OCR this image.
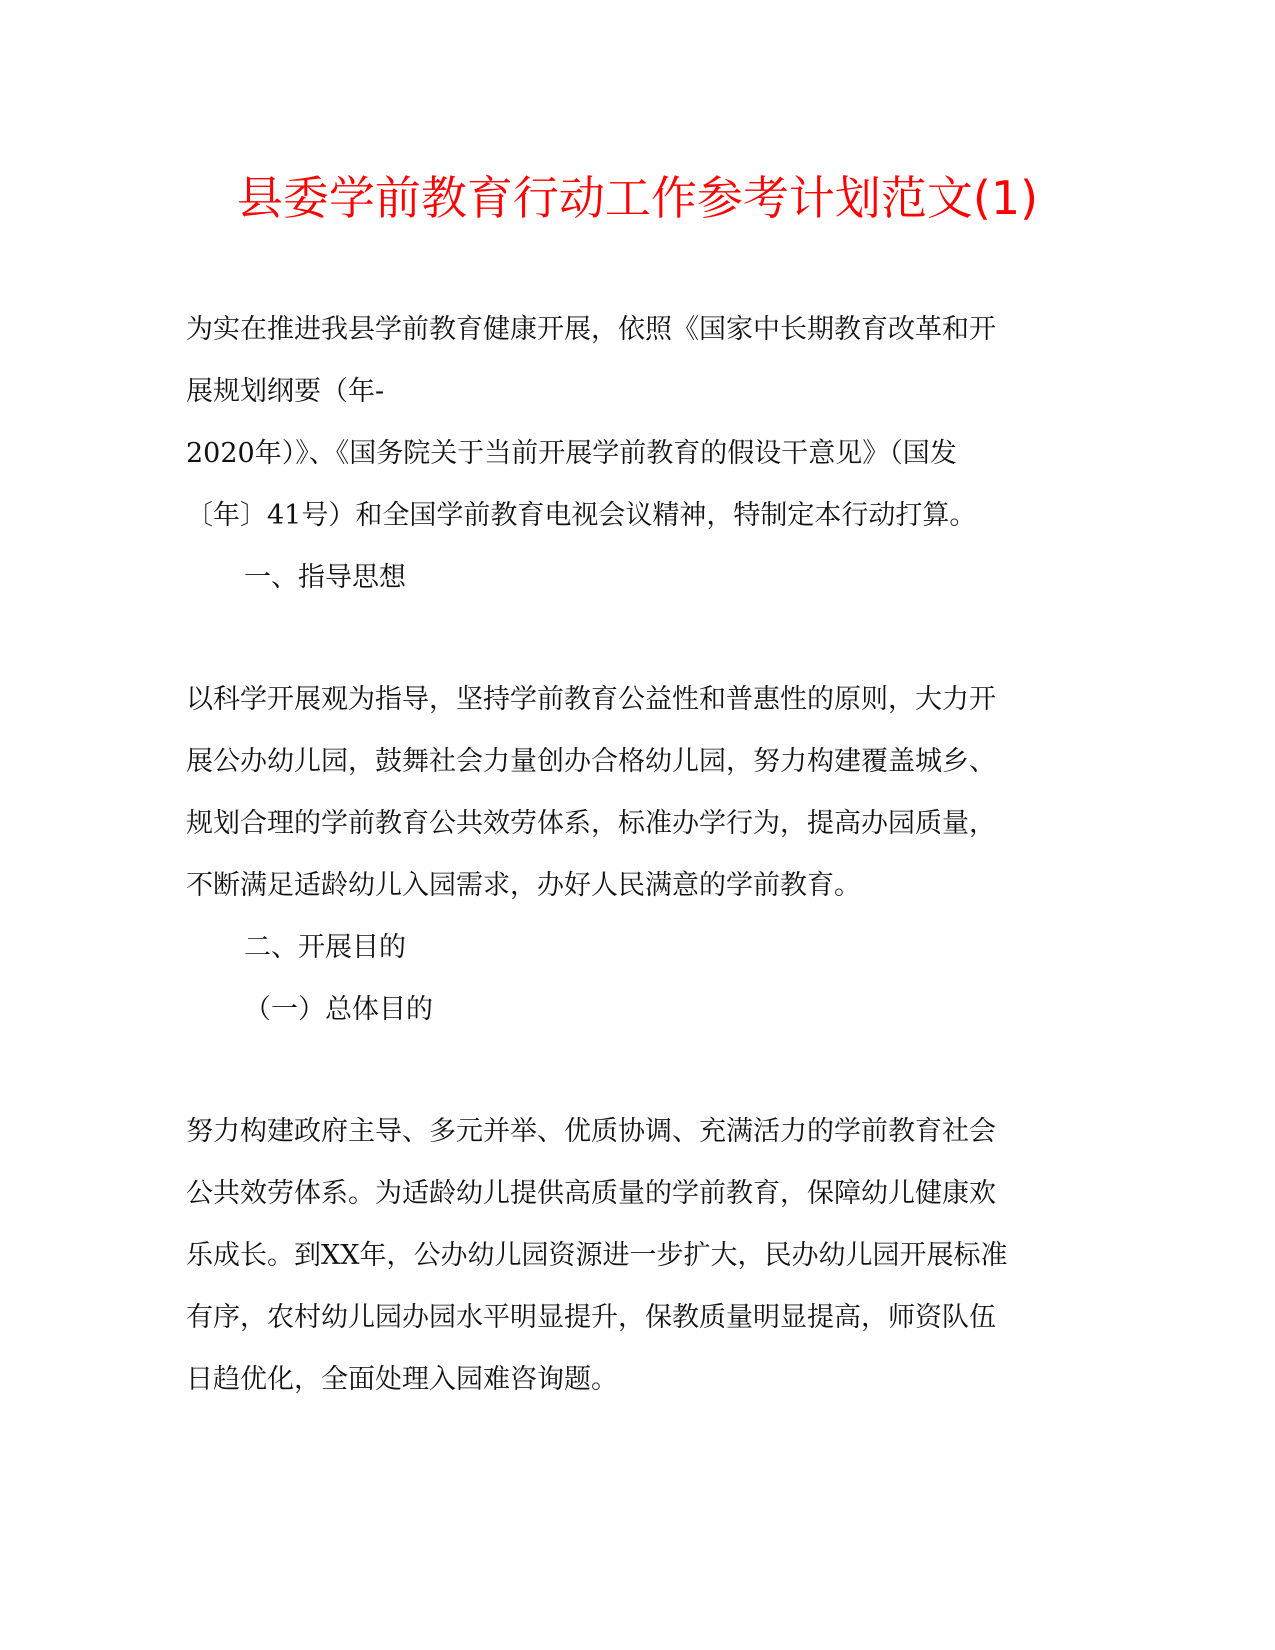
县委学前教育行动工作参考计划范文(1)

为实在推进我县学前教育健康开展，依照《国家中长期教育改革和开

展规划纲要（年-

2020年）》、《国务院关于当前开展学前教育的假设干意见》（国发

〔年〕41号）和全国学前教育电视会议精神，特制定本行动打算。

一、指导思想

以科学开展观为指导，坚持学前教育公益性和普惠性的原则，大力开

展公办幼儿园，鼓舞社会力量创办合格幼儿园，努力构建覆盖城乡、

规划合理的学前教育公共效劳体系，标准办学行为，提高办园质量，

不断满足适龄幼儿入园需求，办好人民满意的学前教育。

二、开展目的

（一）总体目的

努力构建政府主导、多元并举、优质协调、充满活力的学前教育社会

公共效劳体系。为适龄幼儿提供高质量的学前教育，保障幼儿健康欢

乐成长。到XX年，公办幼儿园资源进一步扩大，民办幼儿园开展标准

有序，农村幼儿园办园水平明显提升，保教质量明显提高，师资队伍

日趋优化，全面处理入园难咨询题。
